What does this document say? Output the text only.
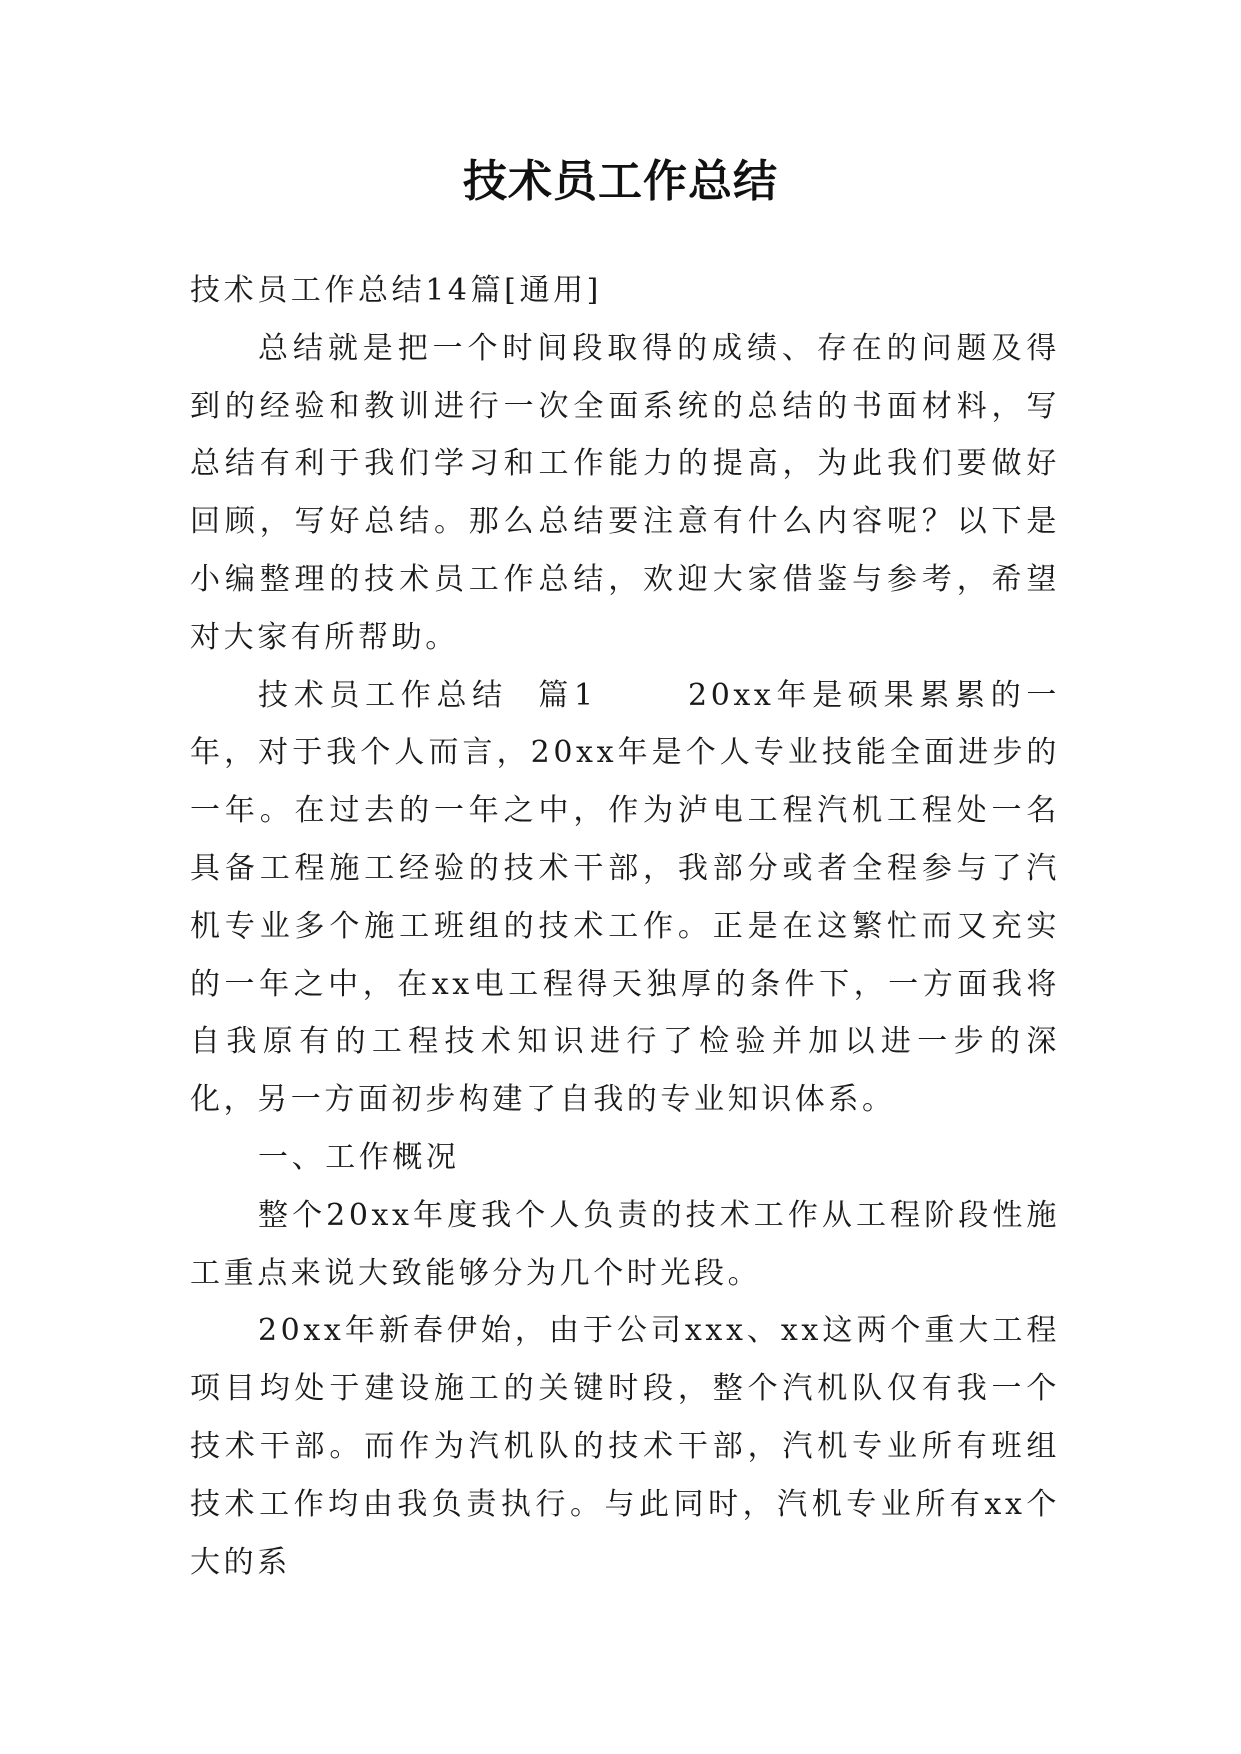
技术员工作总结

技术员工作总结14篇[通用]

总结就是把一个时间段取得的成绩、存在的问题及得到的经验和教训进行一次全面系统的总结的书面材料，写总结有利于我们学习和工作能力的提高，为此我们要做好回顾，写好总结。那么总结要注意有什么内容呢？以下是小编整理的技术员工作总结，欢迎大家借鉴与参考，希望对大家有所帮助。

技术员工作总结  篇1      20xx年是硕果累累的一年，对于我个人而言，20xx年是个人专业技能全面进步的一年。在过去的一年之中，作为泸电工程汽机工程处一名具备工程施工经验的技术干部，我部分或者全程参与了汽机专业多个施工班组的技术工作。正是在这繁忙而又充实的一年之中，在xx电工程得天独厚的条件下，一方面我将自我原有的工程技术知识进行了检验并加以进一步的深化，另一方面初步构建了自我的专业知识体系。

一、工作概况

整个20xx年度我个人负责的技术工作从工程阶段性施工重点来说大致能够分为几个时光段。

20xx年新春伊始，由于公司xxx、xx这两个重大工程项目均处于建设施工的关键时段，整个汽机队仅有我一个技术干部。而作为汽机队的技术干部，汽机专业所有班组技术工作均由我负责执行。与此同时，汽机专业所有xx个大的系
